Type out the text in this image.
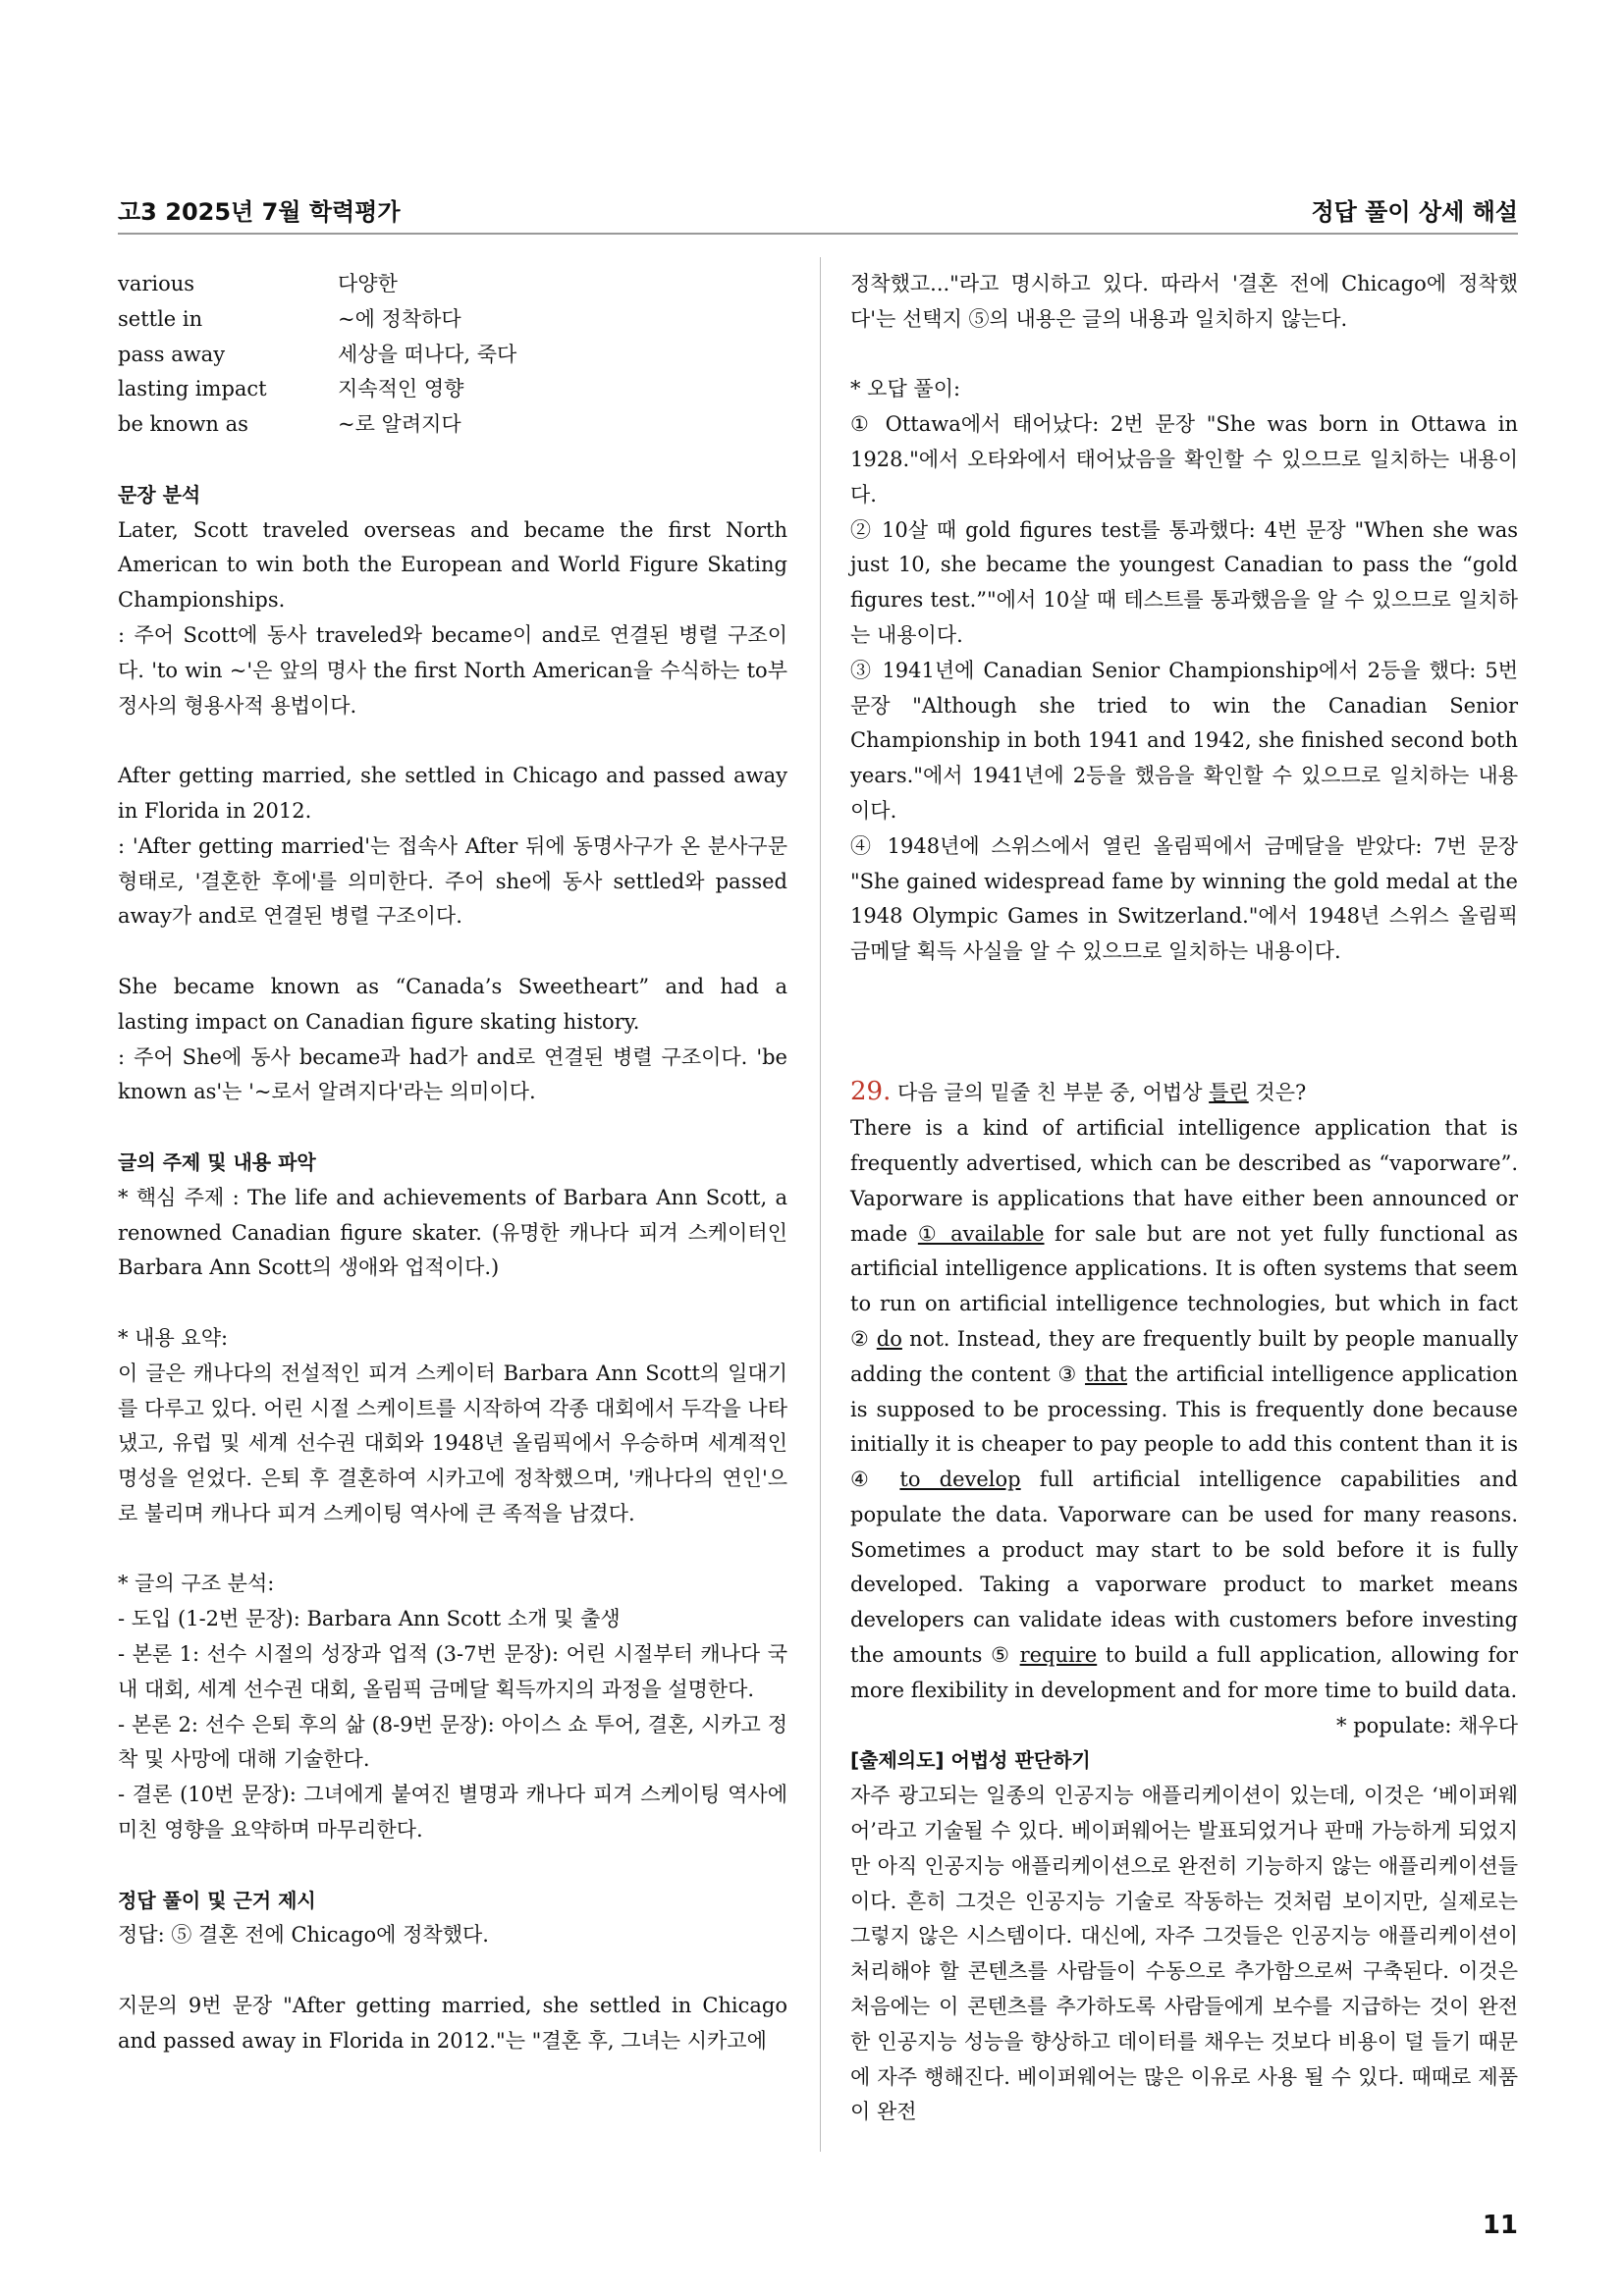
고3 2025년 7월 학력평가	정답 풀이 상세 해설
various	다양한
settle in	~에 정착하다
pass away	세상을 떠나다, 죽다
lasting impact	지속적인 영향
be known as	~로 알려지다
문장 분석

Later, Scott traveled overseas and became the first North American to win both the European and World Figure Skating Championships.

: 주어 Scott에 동사 traveled와 became이 and로 연결된 병렬 구조이다. 'to win ~'은 앞의 명사 the first North American을 수식하는 to부정사의 형용사적 용법이다.

After getting married, she settled in Chicago and passed away in Florida in 2012.

: 'After getting married'는 접속사 After 뒤에 동명사구가 온 분사구문 형태로, '결혼한 후에'를 의미한다. 주어 she에 동사 settled와 passed away가 and로 연결된 병렬 구조이다.

She became known as “Canada’s Sweetheart” and had a lasting impact on Canadian figure skating history.

: 주어 She에 동사 became과 had가 and로 연결된 병렬 구조이다. 'be known as'는 '~로서 알려지다'라는 의미이다.

글의 주제 및 내용 파악

* 핵심 주제 : The life and achievements of Barbara Ann Scott, a renowned Canadian figure skater. (유명한 캐나다 피겨 스케이터인 Barbara Ann Scott의 생애와 업적이다.)

* 내용 요약:

이 글은 캐나다의 전설적인 피겨 스케이터 Barbara Ann Scott의 일대기를 다루고 있다. 어린 시절 스케이트를 시작하여 각종 대회에서 두각을 나타냈고, 유럽 및 세계 선수권 대회와 1948년 올림픽에서 우승하며 세계적인 명성을 얻었다. 은퇴 후 결혼하여 시카고에 정착했으며, '캐나다의 연인'으로 불리며 캐나다 피겨 스케이팅 역사에 큰 족적을 남겼다.

* 글의 구조 분석:

- 도입 (1-2번 문장): Barbara Ann Scott 소개 및 출생

- 본론 1: 선수 시절의 성장과 업적 (3-7번 문장): 어린 시절부터 캐나다 국내 대회, 세계 선수권 대회, 올림픽 금메달 획득까지의 과정을 설명한다.

- 본론 2: 선수 은퇴 후의 삶 (8-9번 문장): 아이스 쇼 투어, 결혼, 시카고 정착 및 사망에 대해 기술한다.

- 결론 (10번 문장): 그녀에게 붙여진 별명과 캐나다 피겨 스케이팅 역사에 미친 영향을 요약하며 마무리한다.

정답 풀이 및 근거 제시

정답: ⑤ 결혼 전에 Chicago에 정착했다.

지문의 9번 문장 "After getting married, she settled in Chicago and passed away in Florida in 2012."는 "결혼 후, 그녀는 시카고에

정착했고..."라고 명시하고 있다. 따라서 '결혼 전에 Chicago에 정착했다'는 선택지 ⑤의 내용은 글의 내용과 일치하지 않는다.

* 오답 풀이:

① Ottawa에서 태어났다: 2번 문장 "She was born in Ottawa in 1928."에서 오타와에서 태어났음을 확인할 수 있으므로 일치하는 내용이다.

② 10살 때 gold figures test를 통과했다: 4번 문장 "When she was just 10, she became the youngest Canadian to pass the “gold figures test.”"에서 10살 때 테스트를 통과했음을 알 수 있으므로 일치하는 내용이다.

③ 1941년에 Canadian Senior Championship에서 2등을 했다: 5번 문장 "Although she tried to win the Canadian Senior Championship in both 1941 and 1942, she finished second both years."에서 1941년에 2등을 했음을 확인할 수 있으므로 일치하는 내용이다.

④ 1948년에 스위스에서 열린 올림픽에서 금메달을 받았다: 7번 문장 "She gained widespread fame by winning the gold medal at the 1948 Olympic Games in Switzerland."에서 1948년 스위스 올림픽 금메달 획득 사실을 알 수 있으므로 일치하는 내용이다.

29. 다음 글의 밑줄 친 부분 중, 어법상 틀린 것은?

There is a kind of artificial intelligence application that is frequently advertised, which can be described as “vaporware”. Vaporware is applications that have either been announced or made ① available for sale but are not yet fully functional as artificial intelligence applications. It is often systems that seem to run on artificial intelligence technologies, but which in fact ② do not. Instead, they are frequently built by people manually adding the content ③ that the artificial intelligence application is supposed to be processing. This is frequently done because initially it is cheaper to pay people to add this content than it is ④ to develop full artificial intelligence capabilities and populate the data. Vaporware can be used for many reasons. Sometimes a product may start to be sold before it is fully developed. Taking a vaporware product to market means developers can validate ideas with customers before investing the amounts ⑤ require to build a full application, allowing for more flexibility in development and for more time to build data.

* populate: 채우다

[출제의도] 어법성 판단하기

자주 광고되는 일종의 인공지능 애플리케이션이 있는데, 이것은 ‘베이퍼웨어’라고 기술될 수 있다. 베이퍼웨어는 발표되었거나 판매 가능하게 되었지만 아직 인공지능 애플리케이션으로 완전히 기능하지 않는 애플리케이션들이다. 흔히 그것은 인공지능 기술로 작동하는 것처럼 보이지만, 실제로는 그렇지 않은 시스템이다. 대신에, 자주 그것들은 인공지능 애플리케이션이 처리해야 할 콘텐츠를 사람들이 수동으로 추가함으로써 구축된다. 이것은 처음에는 이 콘텐츠를 추가하도록 사람들에게 보수를 지급하는 것이 완전한 인공지능 성능을 향상하고 데이터를 채우는 것보다 비용이 덜 들기 때문에 자주 행해진다. 베이퍼웨어는 많은 이유로 사용 될 수 있다. 때때로 제품이 완전

11
